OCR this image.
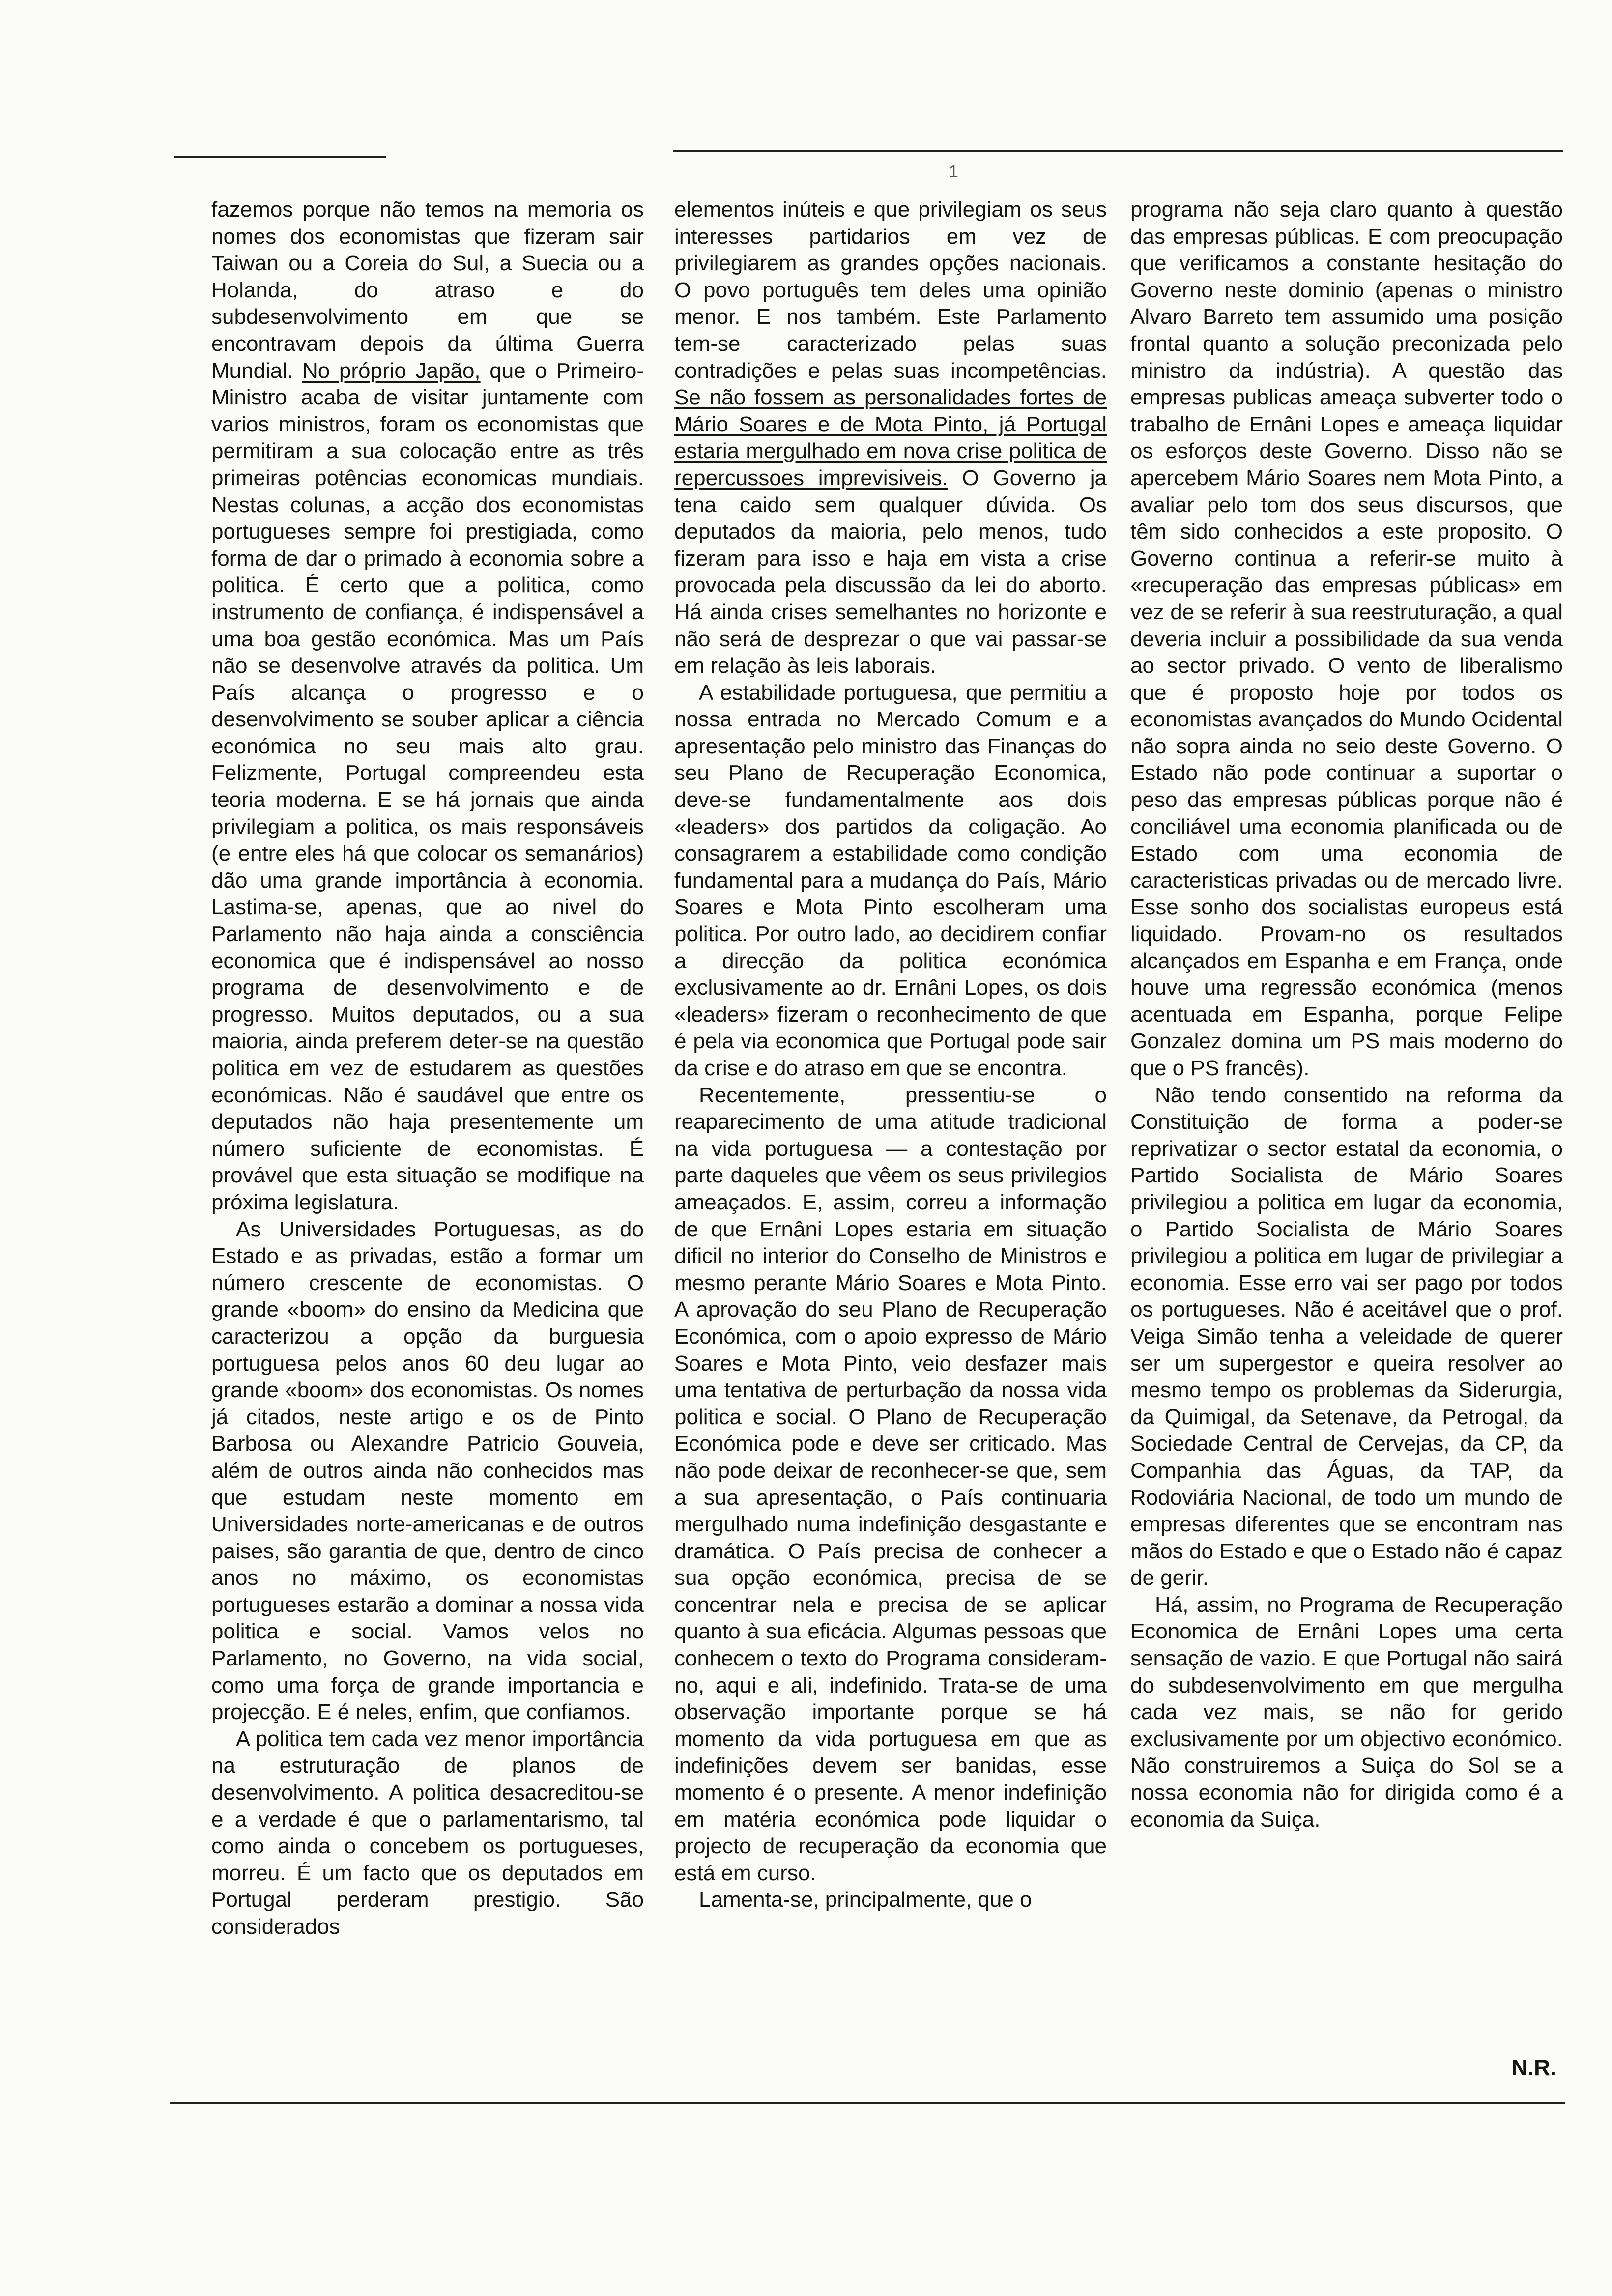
1

fazemos porque não temos na memoria os nomes dos economistas que fizeram sair Taiwan ou a Coreia do Sul, a Suecia ou a Holanda, do atraso e do subdesenvolvimento em que se encontravam depois da última Guerra Mundial. No próprio Japão, que o Primeiro-Ministro acaba de visitar juntamente com varios ministros, foram os economistas que permitiram a sua colocação entre as três primeiras potências economicas mundiais. Nestas colunas, a acção dos economistas portugueses sempre foi prestigiada, como forma de dar o primado à economia sobre a politica. É certo que a politica, como instrumento de confiança, é indispensável a uma boa gestão económica. Mas um País não se desenvolve através da politica. Um País alcança o progresso e o desenvolvimento se souber aplicar a ciência económica no seu mais alto grau. Felizmente, Portugal compreendeu esta teoria moderna. E se há jornais que ainda privilegiam a politica, os mais responsáveis (e entre eles há que colocar os semanários) dão uma grande importância à economia. Lastima-se, apenas, que ao nivel do Parlamento não haja ainda a consciência economica que é indispensável ao nosso programa de desenvolvimento e de progresso. Muitos deputados, ou a sua maioria, ainda preferem deter-se na questão politica em vez de estudarem as questões económicas. Não é saudável que entre os deputados não haja presentemente um número suficiente de economistas. É provável que esta situação se modifique na próxima legislatura.

As Universidades Portuguesas, as do Estado e as privadas, estão a formar um número crescente de economistas. O grande «boom» do ensino da Medicina que caracterizou a opção da burguesia portuguesa pelos anos 60 deu lugar ao grande «boom» dos economistas. Os nomes já citados, neste artigo e os de Pinto Barbosa ou Alexandre Patricio Gouveia, além de outros ainda não conhecidos mas que estudam neste momento em Universidades norte-americanas e de outros paises, são garantia de que, dentro de cinco anos no máximo, os economistas portugueses estarão a dominar a nossa vida politica e social. Vamos velos no Parlamento, no Governo, na vida social, como uma força de grande importancia e projecção. E é neles, enfim, que confiamos.

A politica tem cada vez menor importância na estruturação de planos de desenvolvimento. A politica desacreditou-se e a verdade é que o parlamentarismo, tal como ainda o concebem os portugueses, morreu. É um facto que os deputados em Portugal perderam prestigio. São considerados

elementos inúteis e que privilegiam os seus interesses partidarios em vez de privilegiarem as grandes opções nacionais. O povo português tem deles uma opinião menor. E nos também. Este Parlamento tem-se caracterizado pelas suas contradições e pelas suas incompetências. Se não fossem as personalidades fortes de Mário Soares e de Mota Pinto, já Portugal estaria mergulhado em nova crise politica de repercussoes imprevisiveis. O Governo ja tena caido sem qualquer dúvida. Os deputados da maioria, pelo menos, tudo fizeram para isso e haja em vista a crise provocada pela discussão da lei do aborto. Há ainda crises semelhantes no horizonte e não será de desprezar o que vai passar-se em relação às leis laborais.

A estabilidade portuguesa, que permitiu a nossa entrada no Mercado Comum e a apresentação pelo ministro das Finanças do seu Plano de Recuperação Economica, deve-se fundamentalmente aos dois «leaders» dos partidos da coligação. Ao consagrarem a estabilidade como condição fundamental para a mudança do País, Mário Soares e Mota Pinto escolheram uma politica. Por outro lado, ao decidirem confiar a direcção da politica económica exclusivamente ao dr. Ernâni Lopes, os dois «leaders» fizeram o reconhecimento de que é pela via economica que Portugal pode sair da crise e do atraso em que se encontra.

Recentemente, pressentiu-se o reaparecimento de uma atitude tradicional na vida portuguesa — a contestação por parte daqueles que vêem os seus privilegios ameaçados. E, assim, correu a informação de que Ernâni Lopes estaria em situação dificil no interior do Conselho de Ministros e mesmo perante Mário Soares e Mota Pinto. A aprovação do seu Plano de Recuperação Económica, com o apoio expresso de Mário Soares e Mota Pinto, veio desfazer mais uma tentativa de perturbação da nossa vida politica e social. O Plano de Recuperação Económica pode e deve ser criticado. Mas não pode deixar de reconhecer-se que, sem a sua apresentação, o País continuaria mergulhado numa indefinição desgastante e dramática. O País precisa de conhecer a sua opção económica, precisa de se concentrar nela e precisa de se aplicar quanto à sua eficácia. Algumas pessoas que conhecem o texto do Programa consideram-no, aqui e ali, indefinido. Trata-se de uma observação importante porque se há momento da vida portuguesa em que as indefinições devem ser banidas, esse momento é o presente. A menor indefinição em matéria económica pode liquidar o projecto de recuperação da economia que está em curso.

Lamenta-se, principalmente, que o

programa não seja claro quanto à questão das empresas públicas. E com preocupação que verificamos a constante hesitação do Governo neste dominio (apenas o ministro Alvaro Barreto tem assumido uma posição frontal quanto a solução preconizada pelo ministro da indústria). A questão das empresas publicas ameaça subverter todo o trabalho de Ernâni Lopes e ameaça liquidar os esforços deste Governo. Disso não se apercebem Mário Soares nem Mota Pinto, a avaliar pelo tom dos seus discursos, que têm sido conhecidos a este proposito. O Governo continua a referir-se muito à «recuperação das empresas públicas» em vez de se referir à sua reestruturação, a qual deveria incluir a possibilidade da sua venda ao sector privado. O vento de liberalismo que é proposto hoje por todos os economistas avançados do Mundo Ocidental não sopra ainda no seio deste Governo. O Estado não pode continuar a suportar o peso das empresas públicas porque não é conciliável uma economia planificada ou de Estado com uma economia de caracteristicas privadas ou de mercado livre. Esse sonho dos socialistas europeus está liquidado. Provam-no os resultados alcançados em Espanha e em França, onde houve uma regressão económica (menos acentuada em Espanha, porque Felipe Gonzalez domina um PS mais moderno do que o PS francês).

Não tendo consentido na reforma da Constituição de forma a poder-se reprivatizar o sector estatal da economia, o Partido Socialista de Mário Soares privilegiou a politica em lugar da economia, o Partido Socialista de Mário Soares privilegiou a politica em lugar de privilegiar a economia. Esse erro vai ser pago por todos os portugueses. Não é aceitável que o prof. Veiga Simão tenha a veleidade de querer ser um supergestor e queira resolver ao mesmo tempo os problemas da Siderurgia, da Quimigal, da Setenave, da Petrogal, da Sociedade Central de Cervejas, da CP, da Companhia das Águas, da TAP, da Rodoviária Nacional, de todo um mundo de empresas diferentes que se encontram nas mãos do Estado e que o Estado não é capaz de gerir.

Há, assim, no Programa de Recuperação Economica de Ernâni Lopes uma certa sensação de vazio. E que Portugal não sairá do subdesenvolvimento em que mergulha cada vez mais, se não for gerido exclusivamente por um objectivo económico. Não construiremos a Suiça do Sol se a nossa economia não for dirigida como é a economia da Suiça.

N.R.
